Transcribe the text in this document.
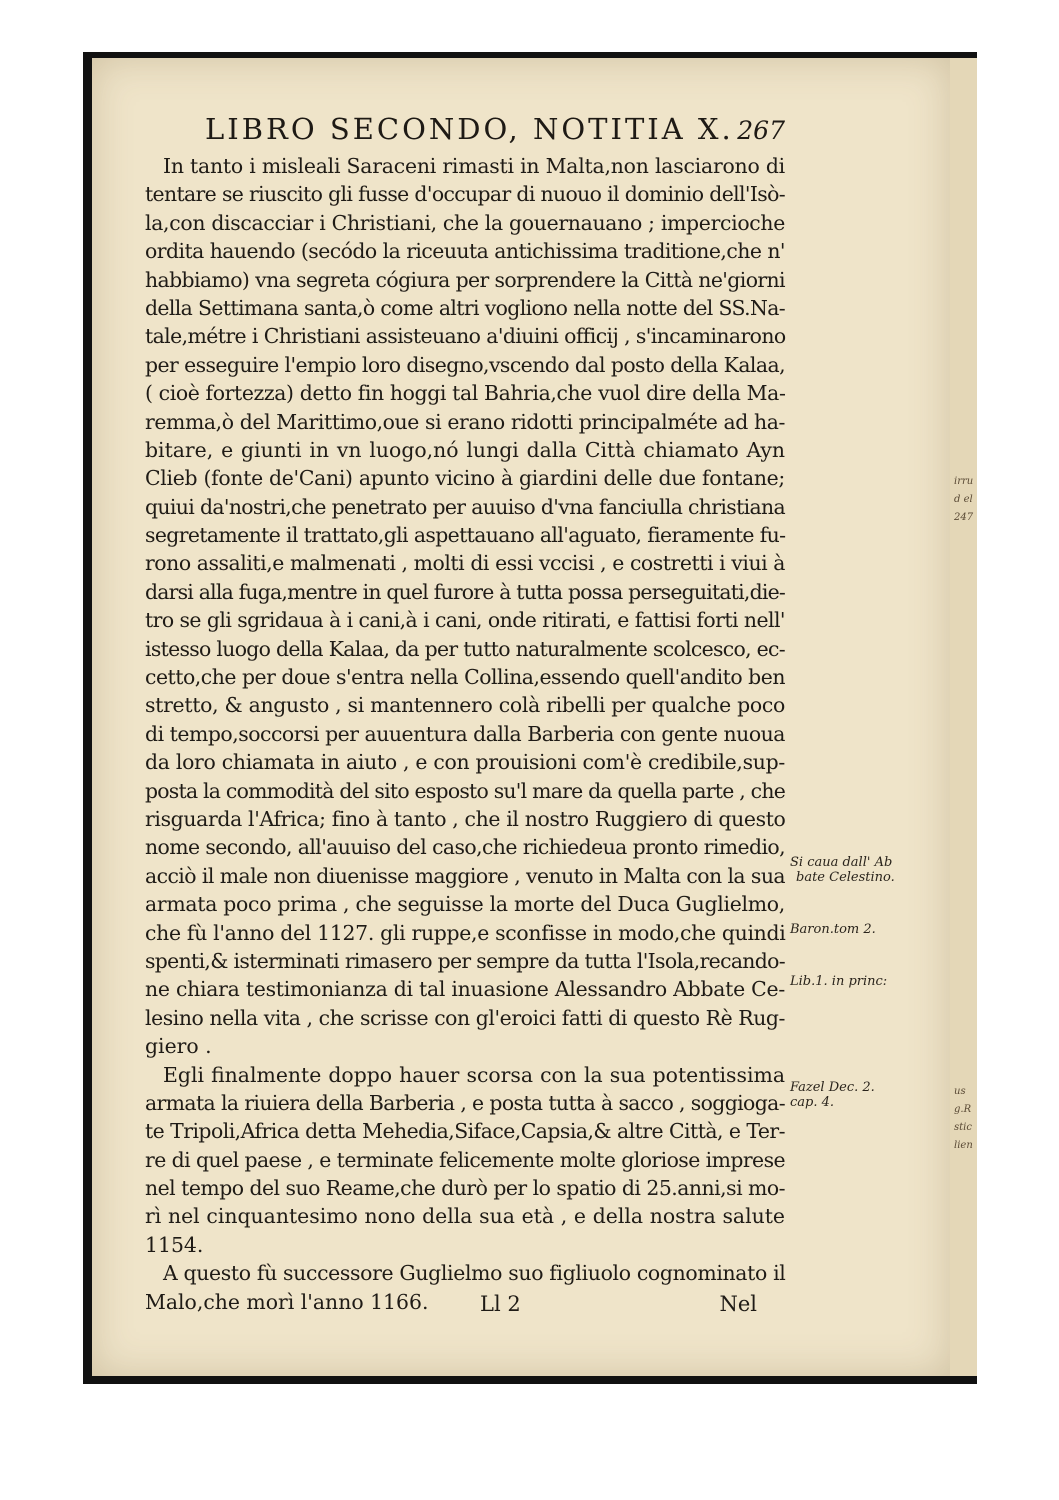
irru
d el
247
us
g.R
stic
lien
LIBRO SECONDO, NOTITIA X. 267
In tanto i misleali Saraceni rimasti in Malta,non lasciarono di
tentare se riuscito gli fusse d'occupar di nuouo il dominio dell'Isò-
la,con discacciar i Christiani, che la gouernauano ; impercioche
ordita hauendo (secódo la riceuuta antichissima traditione,che n'
habbiamo) vna segreta cógiura per sorprendere la Città ne'giorni
della Settimana santa,ò come altri vogliono nella notte del SS.Na-
tale,métre i Christiani assisteuano a'diuini officij , s'incaminarono
per esseguire l'empio loro disegno,vscendo dal posto della Kalaa,
( cioè fortezza) detto fin hoggi tal Bahria,che vuol dire della Ma-
remma,ò del Marittimo,oue si erano ridotti principalméte ad ha-
bitare, e giunti in vn luogo,nó lungi dalla Città chiamato Ayn
Clieb (fonte de'Cani) apunto vicino à giardini delle due fontane;
quiui da'nostri,che penetrato per auuiso d'vna fanciulla christiana
segretamente il trattato,gli aspettauano all'aguato, fieramente fu-
rono assaliti,e malmenati , molti di essi vccisi , e costretti i viui à
darsi alla fuga,mentre in quel furore à tutta possa perseguitati,die-
tro se gli sgridaua à i cani,à i cani, onde ritirati, e fattisi forti nell'
istesso luogo della Kalaa, da per tutto naturalmente scolcesco, ec-
cetto,che per doue s'entra nella Collina,essendo quell'andito ben
stretto, & angusto , si mantennero colà ribelli per qualche poco
di tempo,soccorsi per auuentura dalla Barberia con gente nuoua
da loro chiamata in aiuto , e con prouisioni com'è credibile,sup-
posta la commodità del sito esposto su'l mare da quella parte , che
risguarda l'Africa; fino à tanto , che il nostro Ruggiero di questo
nome secondo, all'auuiso del caso,che richiedeua pronto rimedio,
acciò il male non diuenisse maggiore , venuto in Malta con la sua
armata poco prima , che seguisse la morte del Duca Guglielmo,
che fù l'anno del 1127. gli ruppe,e sconfisse in modo,che quindi
spenti,& isterminati rimasero per sempre da tutta l'Isola,recando-
ne chiara testimonianza di tal inuasione Alessandro Abbate Ce-
lesino nella vita , che scrisse con gl'eroici fatti di questo Rè Rug-
giero .
Egli finalmente doppo hauer scorsa con la sua potentissima
armata la riuiera della Barberia , e posta tutta à sacco , soggioga-
te Tripoli,Africa detta Mehedia,Siface,Capsia,& altre Città, e Ter-
re di quel paese , e terminate felicemente molte gloriose imprese
nel tempo del suo Reame,che durò per lo spatio di 25.anni,si mo-
rì nel cinquantesimo nono della sua età , e della nostra salute
1154.
A questo fù successore Guglielmo suo figliuolo cognominato il
Malo,che morì l'anno 1166.
Si caua dall' Ab
bate Celestino.
Baron.tom 2.
Lib.1. in princ:
Fazel Dec. 2.
cap. 4.
Ll 2	Nel
